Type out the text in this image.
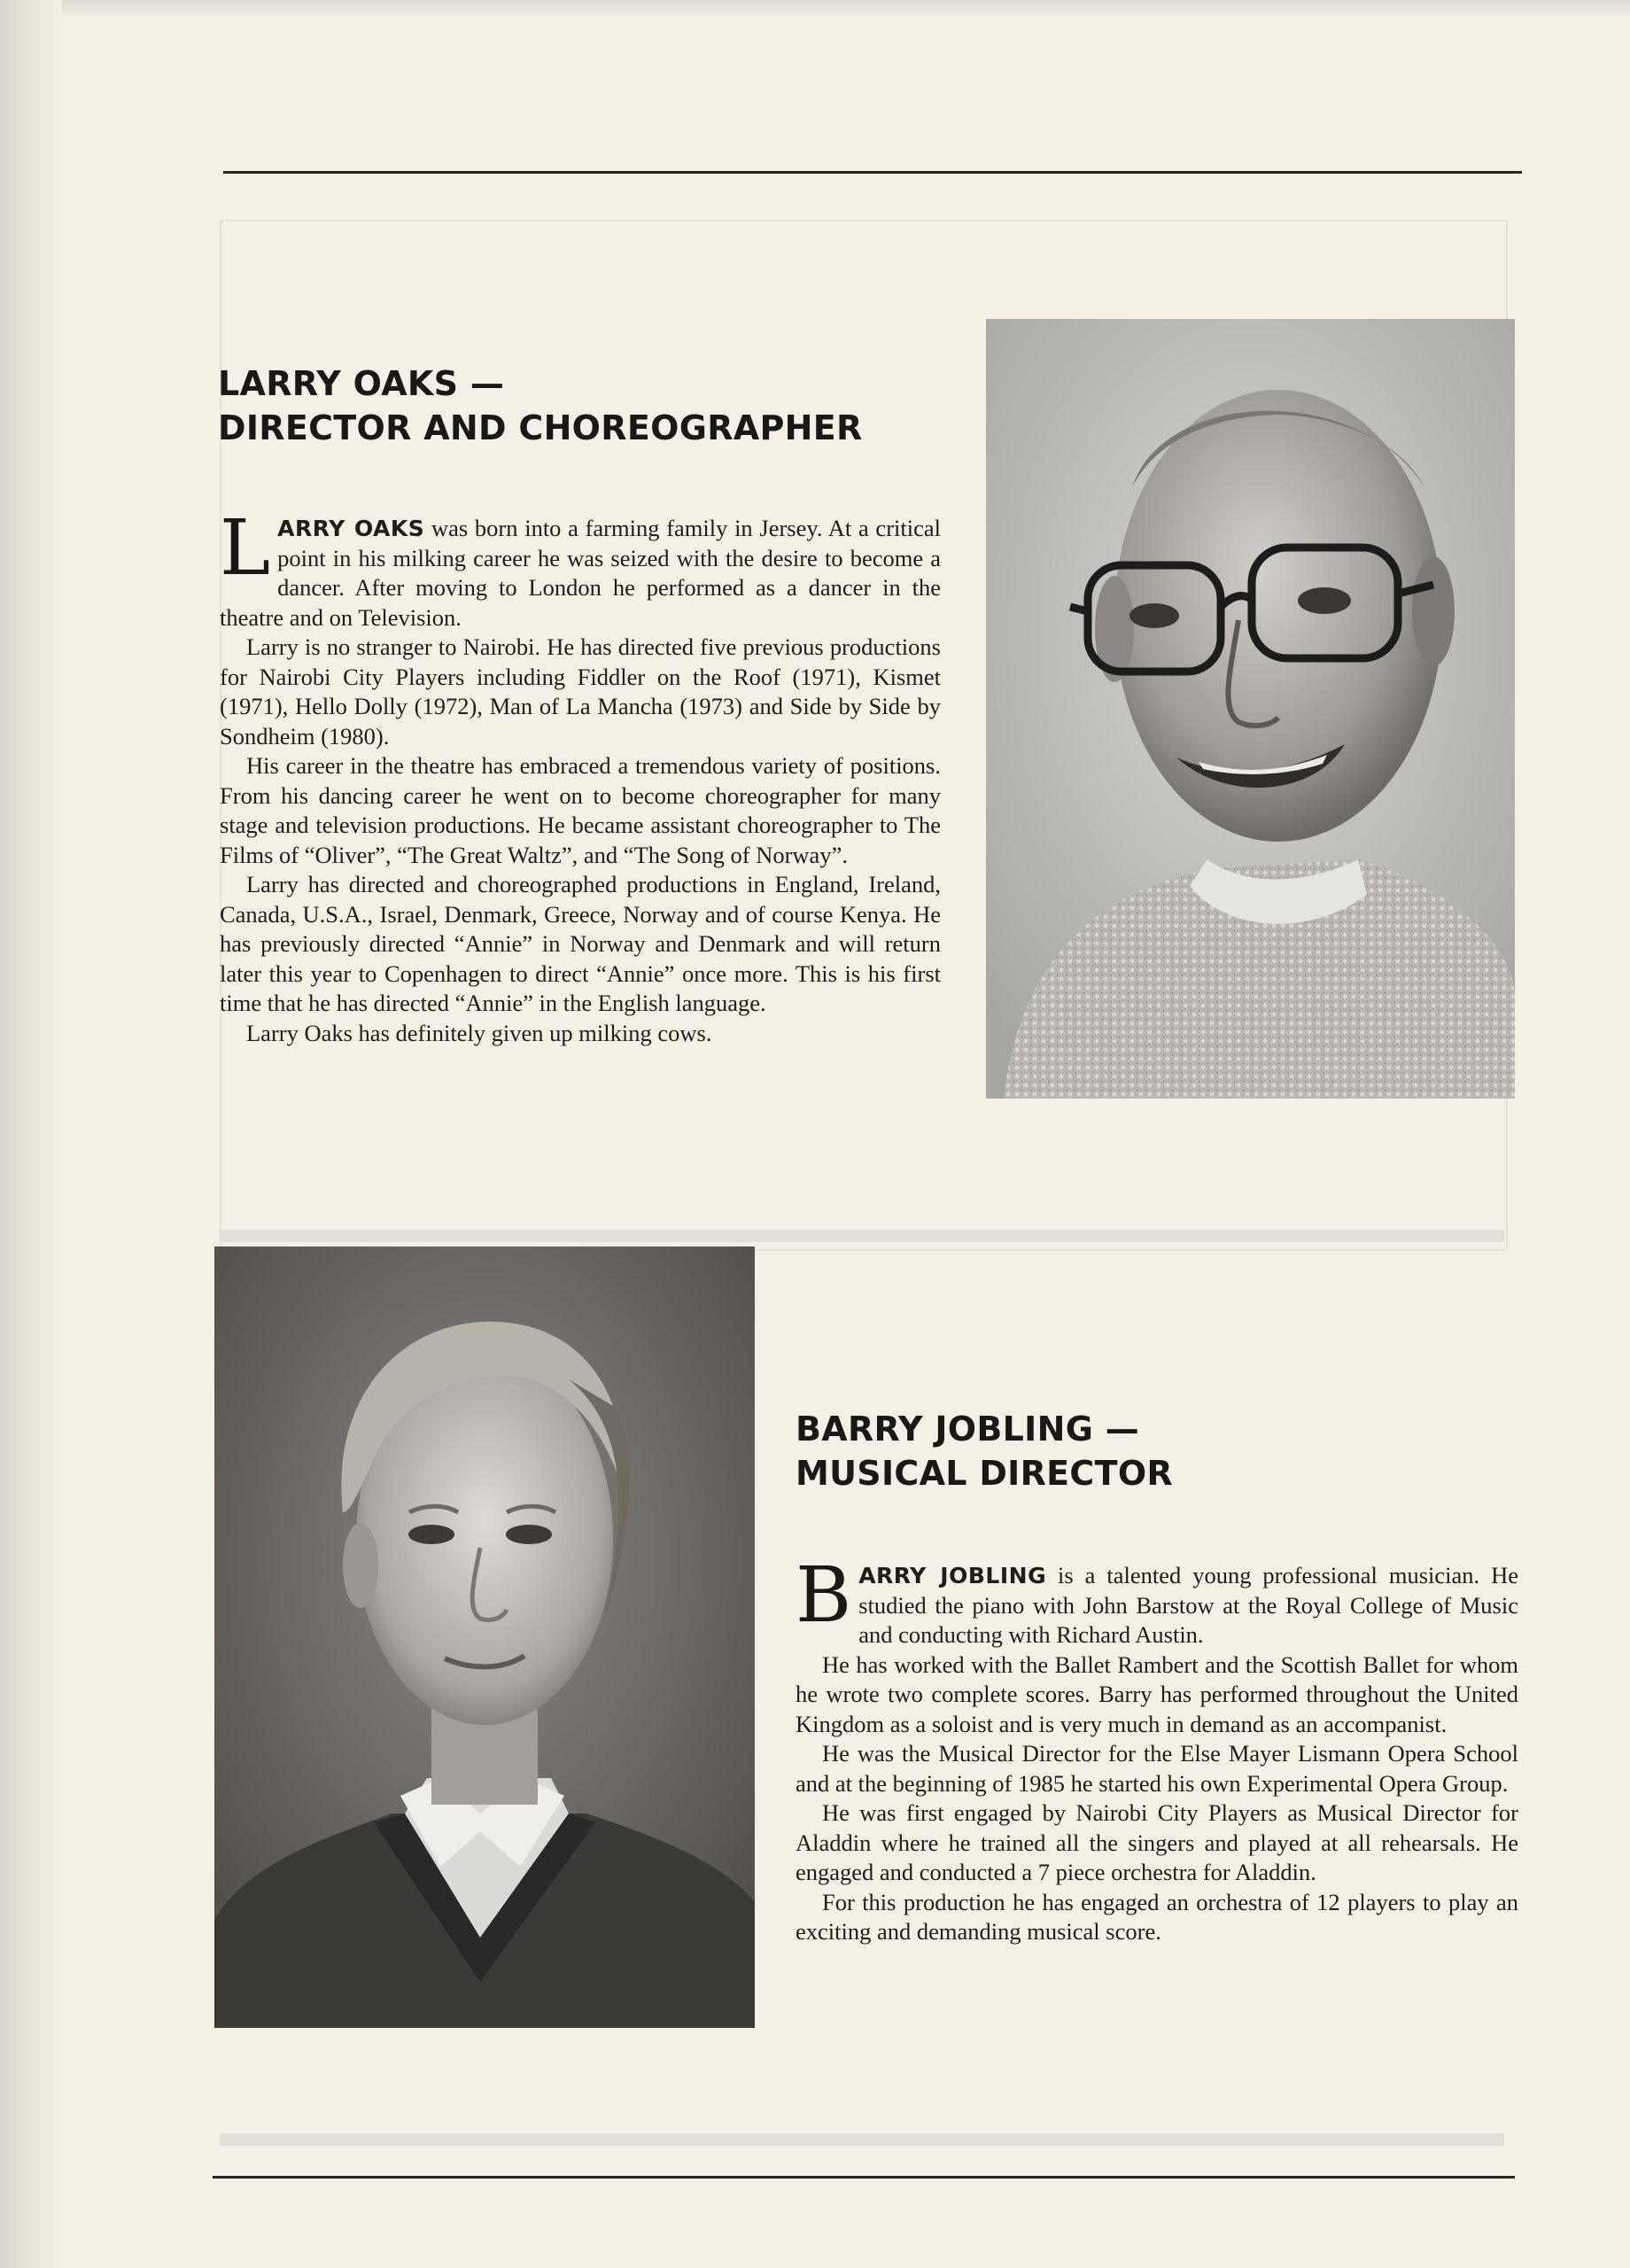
LARRY OAKS —
DIRECTOR AND CHOREOGRAPHER

LARRY OAKS was born into a farming family in Jersey. At a critical point in his milking career he was seized with the desire to become a dancer. After moving to London he performed as a dancer in the theatre and on Television.

Larry is no stranger to Nairobi. He has directed five previous productions for Nairobi City Players including Fiddler on the Roof (1971), Kismet (1971), Hello Dolly (1972), Man of La Mancha (1973) and Side by Side by Sondheim (1980).

His career in the theatre has embraced a tremendous variety of positions. From his dancing career he went on to become choreographer for many stage and television productions. He became assistant choreographer to The Films of “Oliver”, “The Great Waltz”, and “The Song of Norway”.

Larry has directed and choreographed productions in England, Ireland, Canada, U.S.A., Israel, Denmark, Greece, Norway and of course Kenya. He has previously directed “Annie” in Norway and Denmark and will return later this year to Copenhagen to direct “Annie” once more. This is his first time that he has directed “Annie” in the English language.

Larry Oaks has definitely given up milking cows.

BARRY JOBLING —
MUSICAL DIRECTOR

BARRY JOBLING is a talented young professional musician. He studied the piano with John Barstow at the Royal College of Music and conducting with Richard Austin.

He has worked with the Ballet Rambert and the Scottish Ballet for whom he wrote two complete scores. Barry has performed throughout the United Kingdom as a soloist and is very much in demand as an accompanist.

He was the Musical Director for the Else Mayer Lismann Opera School and at the beginning of 1985 he started his own Experimental Opera Group.

He was first engaged by Nairobi City Players as Musical Director for Aladdin where he trained all the singers and played at all rehearsals. He engaged and conducted a 7 piece orchestra for Aladdin.

For this production he has engaged an orchestra of 12 players to play an exciting and demanding musical score.
